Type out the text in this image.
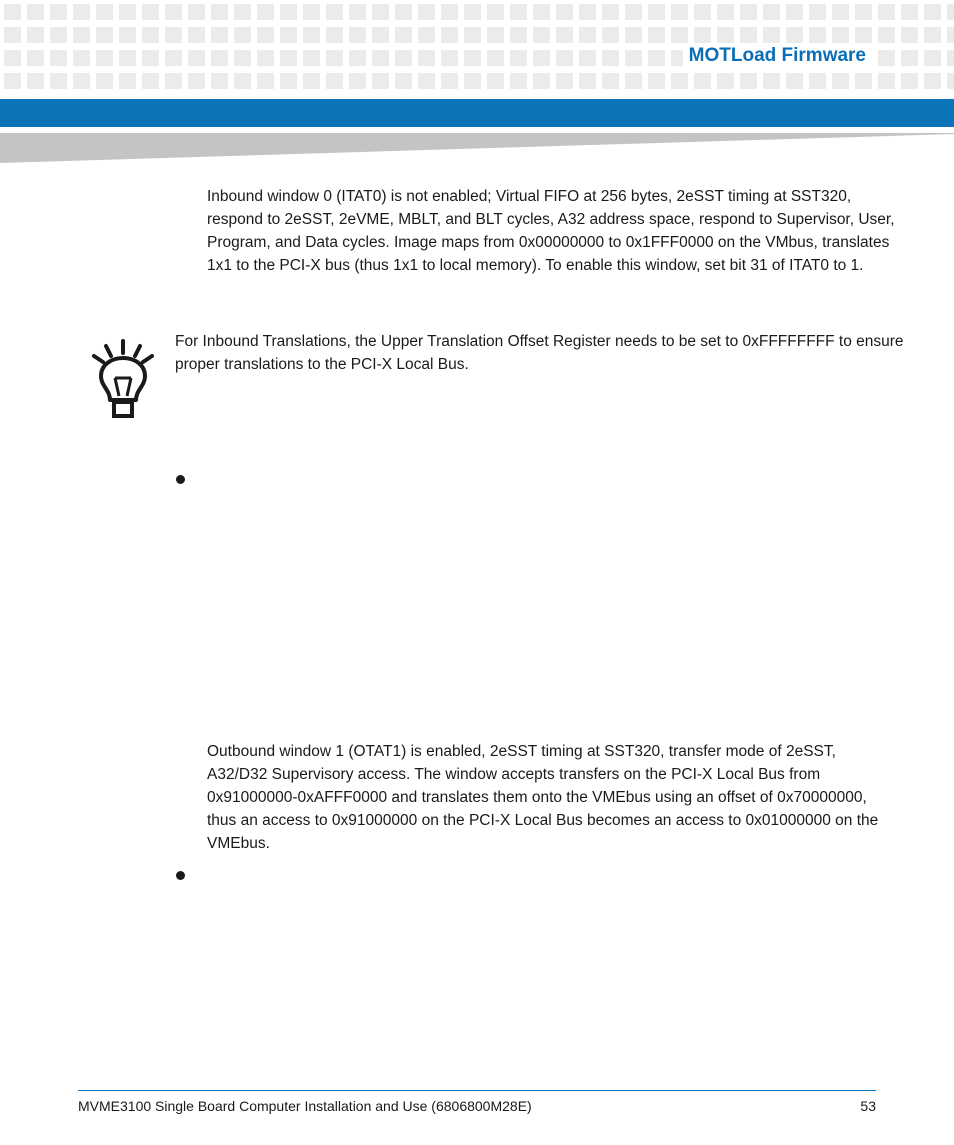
MOTLoad Firmware
Inbound window 0 (ITAT0) is not enabled; Virtual FIFO at 256 bytes, 2eSST timing at SST320, respond to 2eSST, 2eVME, MBLT, and BLT cycles, A32 address space, respond to Supervisor, User, Program, and Data cycles. Image maps from 0x00000000 to 0x1FFF0000 on the VMbus, translates 1x1 to the PCI-X bus (thus 1x1 to local memory). To enable this window, set bit 31 of ITAT0 to 1.
For Inbound Translations, the Upper Translation Offset Register needs to be set to 0xFFFFFFFF to ensure proper translations to the PCI-X Local Bus.
Outbound window 1 (OTAT1) is enabled, 2eSST timing at SST320, transfer mode of 2eSST, A32/D32 Supervisory access. The window accepts transfers on the PCI-X Local Bus from 0x91000000-0xAFFF0000 and translates them onto the VMEbus using an offset of 0x70000000, thus an access to 0x91000000 on the PCI-X Local Bus becomes an access to 0x01000000 on the VMEbus.
MVME3100 Single Board Computer Installation and Use (6806800M28E)	53
